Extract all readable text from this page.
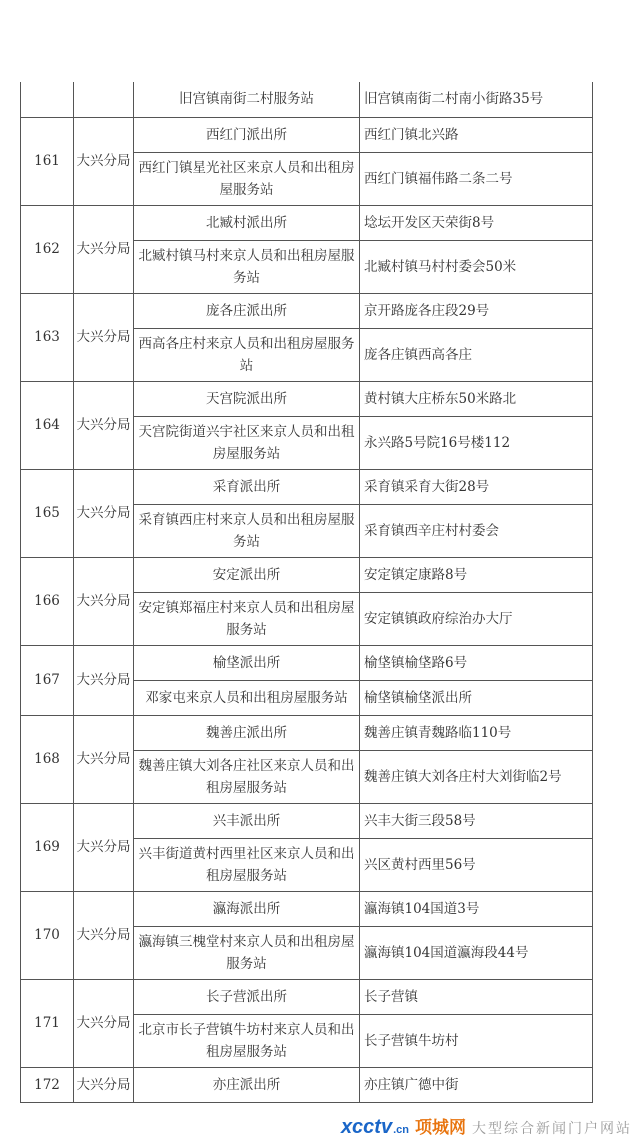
		旧宫镇南街二村服务站	旧宫镇南街二村南小街路35号
161	大兴分局	西红门派出所	西红门镇北兴路
		西红门镇星光社区来京人员和出租房屋服务站	西红门镇福伟路二条二号
162	大兴分局	北臧村派出所	埝坛开发区天荣街8号
		北臧村镇马村来京人员和出租房屋服务站	北臧村镇马村村委会50米
163	大兴分局	庞各庄派出所	京开路庞各庄段29号
		西高各庄村来京人员和出租房屋服务站	庞各庄镇西高各庄
164	大兴分局	天宫院派出所	黄村镇大庄桥东50米路北
		天宫院街道兴宇社区来京人员和出租房屋服务站	永兴路5号院16号楼112
165	大兴分局	采育派出所	采育镇采育大街28号
		采育镇西庄村来京人员和出租房屋服务站	采育镇西辛庄村村委会
166	大兴分局	安定派出所	安定镇定康路8号
		安定镇郑福庄村来京人员和出租房屋服务站	安定镇镇政府综治办大厅
167	大兴分局	榆垡派出所	榆垡镇榆垡路6号
		邓家屯来京人员和出租房屋服务站	榆垡镇榆垡派出所
168	大兴分局	魏善庄派出所	魏善庄镇青魏路临110号
		魏善庄镇大刘各庄社区来京人员和出租房屋服务站	魏善庄镇大刘各庄村大刘街临2号
169	大兴分局	兴丰派出所	兴丰大街三段58号
		兴丰街道黄村西里社区来京人员和出租房屋服务站	兴区黄村西里56号
170	大兴分局	瀛海派出所	瀛海镇104国道3号
		瀛海镇三槐堂村来京人员和出租房屋服务站	瀛海镇104国道瀛海段44号
171	大兴分局	长子营派出所	长子营镇
		北京市长子营镇牛坊村来京人员和出租房屋服务站	长子营镇牛坊村
172	大兴分局	亦庄派出所	亦庄镇广德中街
xcctv .cn 项城网 大型综合新闻门户网站
